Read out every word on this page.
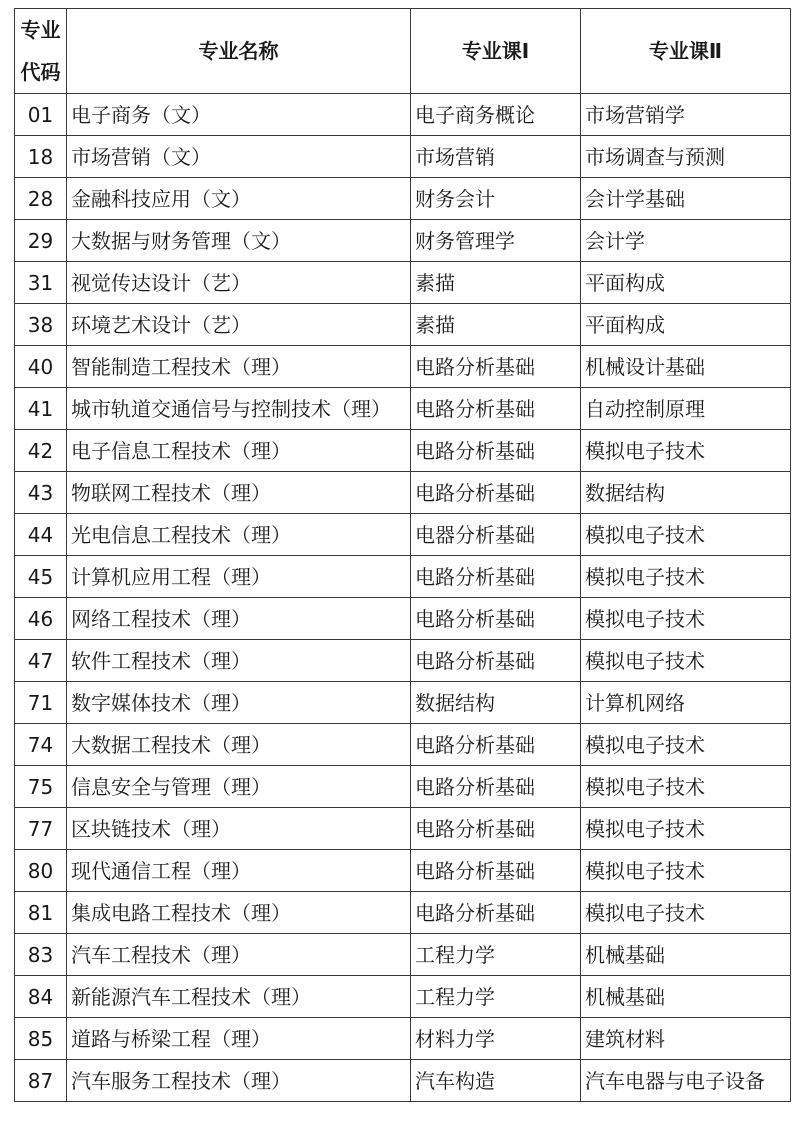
专业代码	专业名称	专业课Ⅰ	专业课Ⅱ
01	电子商务（文）	电子商务概论	市场营销学
18	市场营销（文）	市场营销	市场调查与预测
28	金融科技应用（文）	财务会计	会计学基础
29	大数据与财务管理（文）	财务管理学	会计学
31	视觉传达设计（艺）	素描	平面构成
38	环境艺术设计（艺）	素描	平面构成
40	智能制造工程技术（理）	电路分析基础	机械设计基础
41	城市轨道交通信号与控制技术（理）	电路分析基础	自动控制原理
42	电子信息工程技术（理）	电路分析基础	模拟电子技术
43	物联网工程技术（理）	电路分析基础	数据结构
44	光电信息工程技术（理）	电器分析基础	模拟电子技术
45	计算机应用工程（理）	电路分析基础	模拟电子技术
46	网络工程技术（理）	电路分析基础	模拟电子技术
47	软件工程技术（理）	电路分析基础	模拟电子技术
71	数字媒体技术（理）	数据结构	计算机网络
74	大数据工程技术（理）	电路分析基础	模拟电子技术
75	信息安全与管理（理）	电路分析基础	模拟电子技术
77	区块链技术（理）	电路分析基础	模拟电子技术
80	现代通信工程（理）	电路分析基础	模拟电子技术
81	集成电路工程技术（理）	电路分析基础	模拟电子技术
83	汽车工程技术（理）	工程力学	机械基础
84	新能源汽车工程技术（理）	工程力学	机械基础
85	道路与桥梁工程（理）	材料力学	建筑材料
87	汽车服务工程技术（理）	汽车构造	汽车电器与电子设备
